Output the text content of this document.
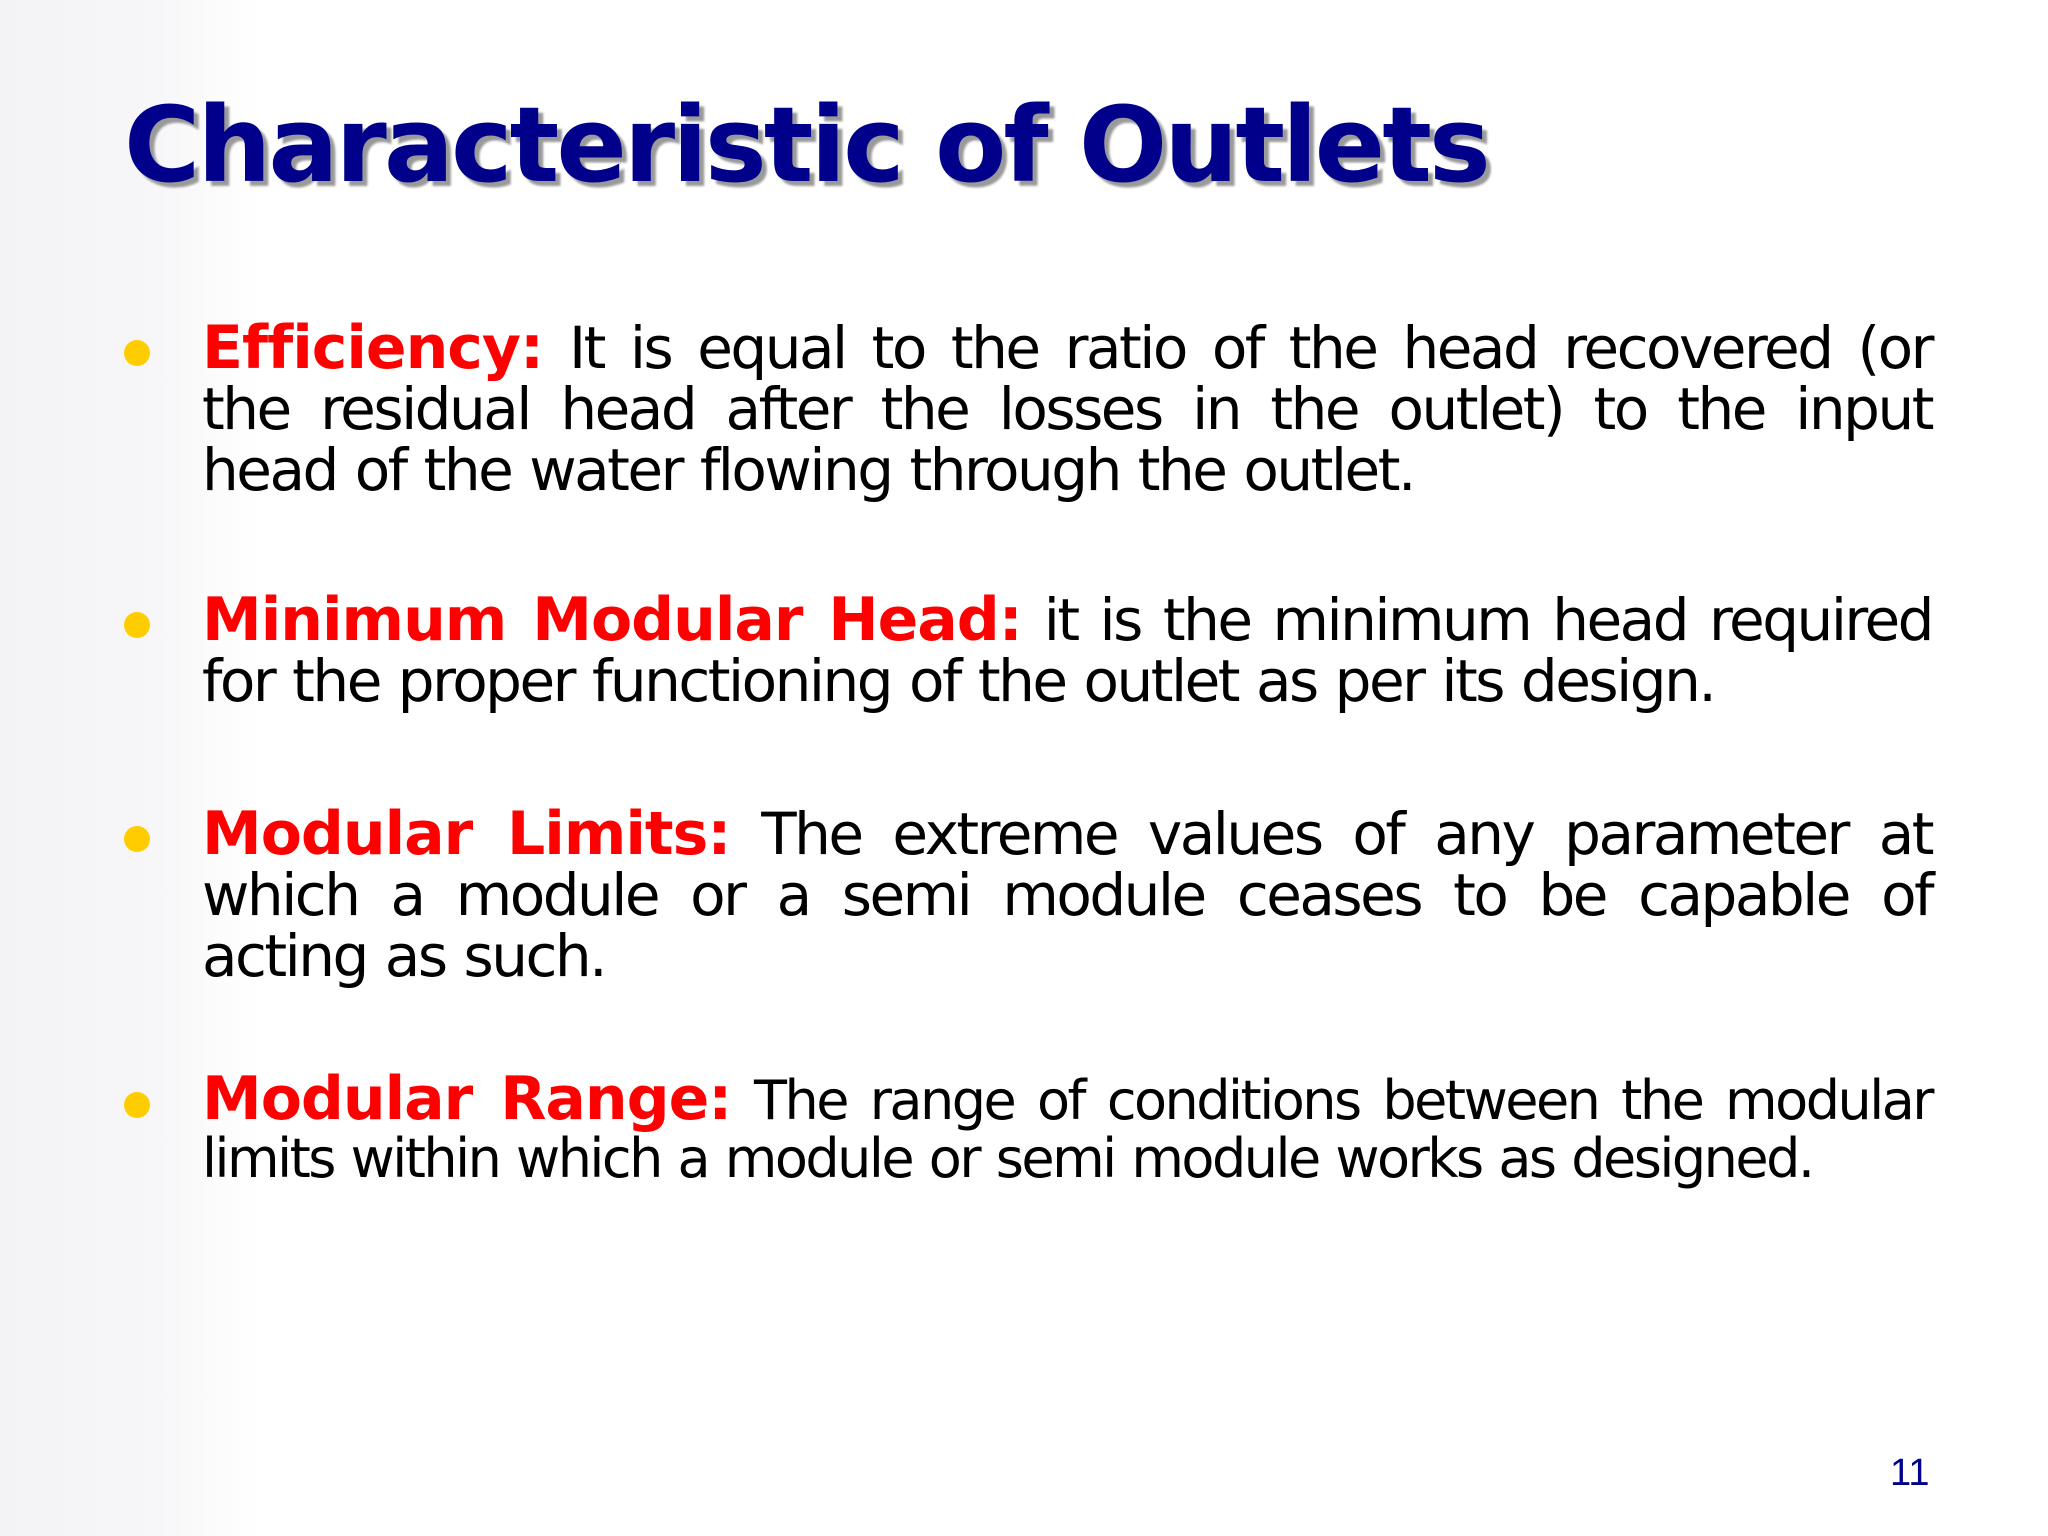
Characteristic of Outlets
Efficiency: It is equal to the ratio of the head recovered (or the residual head after the losses in the outlet) to the input head of the water flowing through the outlet.
Minimum Modular Head: it is the minimum head required for the proper functioning of the outlet as per its design.
Modular Limits: The extreme values of any parameter at which a module or a semi module ceases to be capable of acting as such.
Modular Range: The range of conditions between the modular limits within which a module or semi module works as designed.
11
